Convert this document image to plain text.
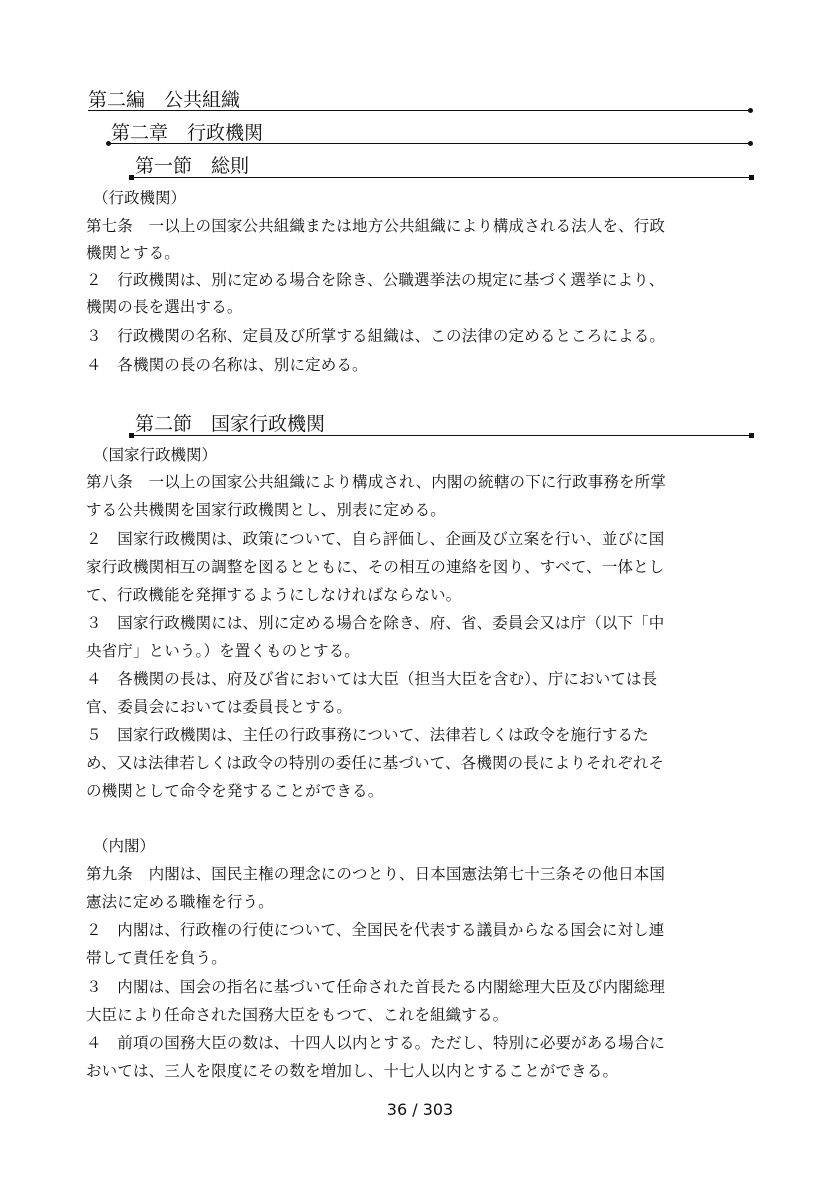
第二編　公共組織
第二章　行政機関
第一節　総則
（行政機関）
第七条　一以上の国家公共組織または地方公共組織により構成される法人を、行政
機関とする。
２　行政機関は、別に定める場合を除き、公職選挙法の規定に基づく選挙により、
機関の長を選出する。
３　行政機関の名称、定員及び所掌する組織は、この法律の定めるところによる。
４　各機関の長の名称は、別に定める。
第二節　国家行政機関
（国家行政機関）
第八条　一以上の国家公共組織により構成され、内閣の統轄の下に行政事務を所掌
する公共機関を国家行政機関とし、別表に定める。
２　国家行政機関は、政策について、自ら評価し、企画及び立案を行い、並びに国
家行政機関相互の調整を図るとともに、その相互の連絡を図り、すべて、一体とし
て、行政機能を発揮するようにしなければならない。
３　国家行政機関には、別に定める場合を除き、府、省、委員会又は庁（以下「中
央省庁」という。）を置くものとする。
４　各機関の長は、府及び省においては大臣（担当大臣を含む）、庁においては長
官、委員会においては委員長とする。
５　国家行政機関は、主任の行政事務について、法律若しくは政令を施行するた
め、又は法律若しくは政令の特別の委任に基づいて、各機関の長によりそれぞれそ
の機関として命令を発することができる。
（内閣）
第九条　内閣は、国民主権の理念にのつとり、日本国憲法第七十三条その他日本国
憲法に定める職権を行う。
２　内閣は、行政権の行使について、全国民を代表する議員からなる国会に対し連
帯して責任を負う。
３　内閣は、国会の指名に基づいて任命された首長たる内閣総理大臣及び内閣総理
大臣により任命された国務大臣をもつて、これを組織する。
４　前項の国務大臣の数は、十四人以内とする。ただし、特別に必要がある場合に
おいては、三人を限度にその数を増加し、十七人以内とすることができる。
36 / 303
